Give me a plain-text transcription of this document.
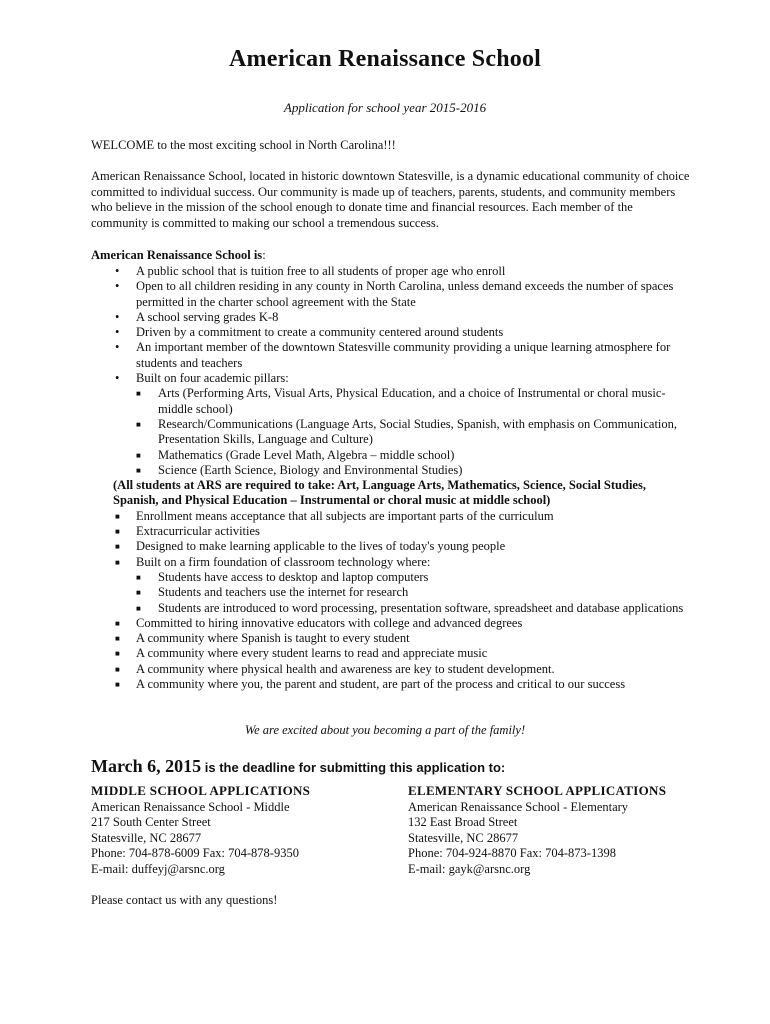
American Renaissance School
Application for school year 2015-2016
WELCOME to the most exciting school in North Carolina!!!
American Renaissance School, located in historic downtown Statesville, is a dynamic educational community of choice committed to individual success. Our community is made up of teachers, parents, students, and community members who believe in the mission of the school enough to donate time and financial resources. Each member of the community is committed to making our school a tremendous success.
American Renaissance School is:
• A public school that is tuition free to all students of proper age who enroll
• Open to all children residing in any county in North Carolina, unless demand exceeds the number of spaces permitted in the charter school agreement with the State
• A school serving grades K-8
• Driven by a commitment to create a community centered around students
• An important member of the downtown Statesville community providing a unique learning atmosphere for students and teachers
• Built on four academic pillars:
■ Arts (Performing Arts, Visual Arts, Physical Education, and a choice of Instrumental or choral music-middle school)
■ Research/Communications (Language Arts, Social Studies, Spanish, with emphasis on Communication, Presentation Skills, Language and Culture)
■ Mathematics (Grade Level Math, Algebra – middle school)
■ Science (Earth Science, Biology and Environmental Studies)
(All students at ARS are required to take: Art, Language Arts, Mathematics, Science, Social Studies, Spanish, and Physical Education – Instrumental or choral music at middle school)
■ Enrollment means acceptance that all subjects are important parts of the curriculum
■ Extracurricular activities
■ Designed to make learning applicable to the lives of today's young people
■ Built on a firm foundation of classroom technology where:
■ Students have access to desktop and laptop computers
■ Students and teachers use the internet for research
■ Students are introduced to word processing, presentation software, spreadsheet and database applications
■ Committed to hiring innovative educators with college and advanced degrees
■ A community where Spanish is taught to every student
■ A community where every student learns to read and appreciate music
■ A community where physical health and awareness are key to student development.
■ A community where you, the parent and student, are part of the process and critical to our success
We are excited about you becoming a part of the family!
March 6, 2015 is the deadline for submitting this application to:
MIDDLE SCHOOL APPLICATIONS
American Renaissance School - Middle
217 South Center Street
Statesville, NC 28677
Phone: 704-878-6009 Fax: 704-878-9350
E-mail: duffeyj@arsnc.org
ELEMENTARY SCHOOL APPLICATIONS
American Renaissance School - Elementary
132 East Broad Street
Statesville, NC 28677
Phone: 704-924-8870 Fax: 704-873-1398
E-mail: gayk@arsnc.org
Please contact us with any questions!
